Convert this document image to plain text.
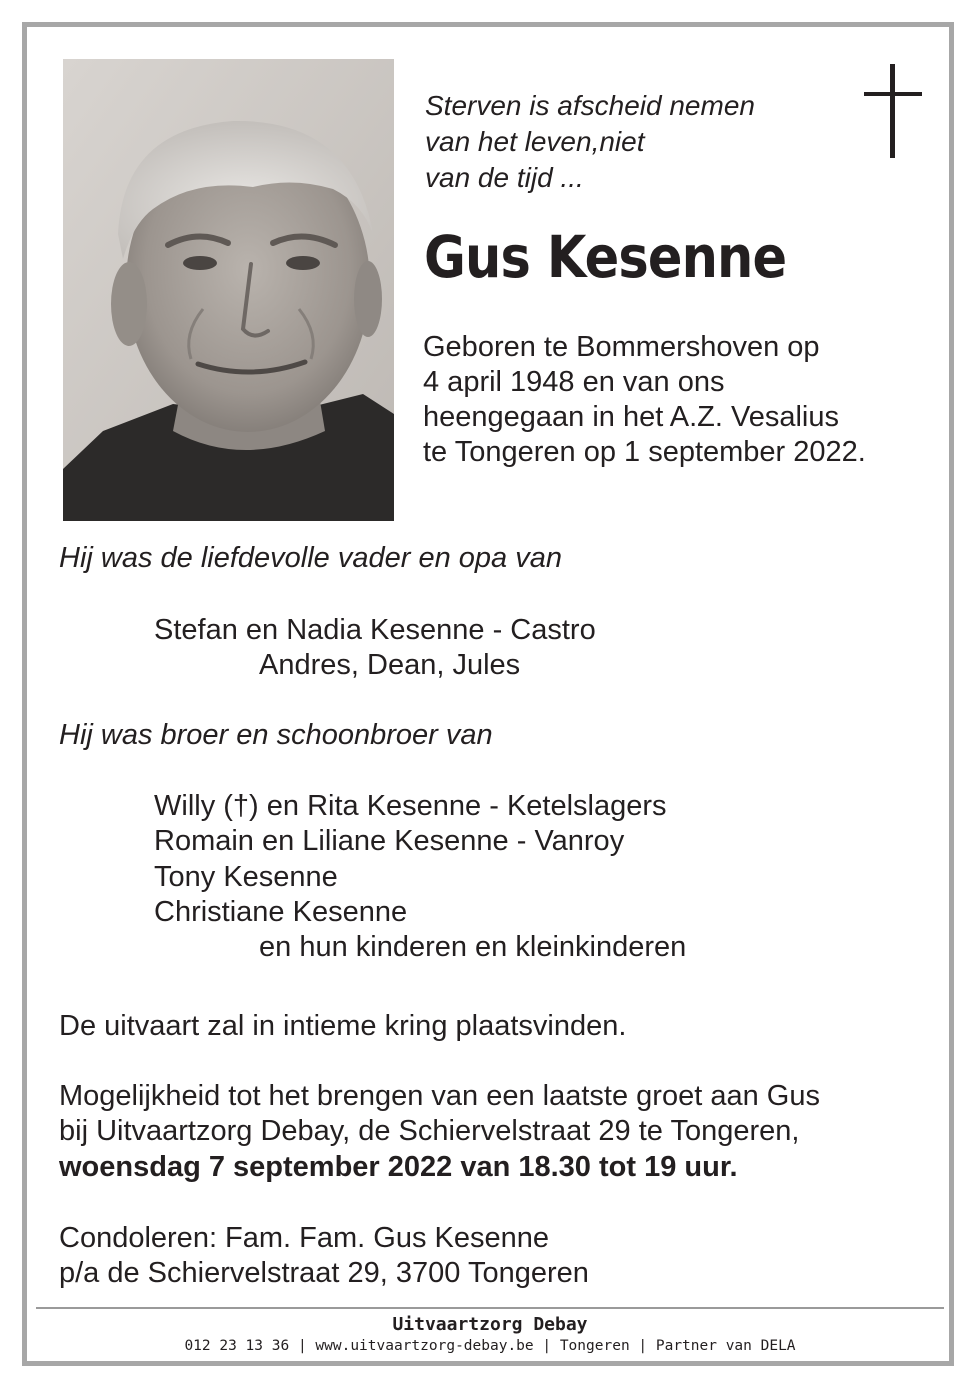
Sterven is afscheid nemen
van het leven,niet
van de tijd ...
Gus Kesenne
Geboren te Bommershoven op
4 april 1948 en van ons
heengegaan in het A.Z. Vesalius
te Tongeren op 1 september 2022.
Hij was de liefdevolle vader en opa van
Stefan en Nadia Kesenne - Castro
Andres, Dean, Jules
Hij was broer en schoonbroer van
Willy (†) en Rita Kesenne - Ketelslagers
Romain en Liliane Kesenne - Vanroy
Tony Kesenne
Christiane Kesenne
en hun kinderen en kleinkinderen
De uitvaart zal in intieme kring plaatsvinden.
Mogelijkheid tot het brengen van een laatste groet aan Gus
bij Uitvaartzorg Debay, de Schiervelstraat 29 te Tongeren,
woensdag 7 september 2022 van 18.30 tot 19 uur.
Condoleren: Fam. Fam. Gus Kesenne
p/a de Schiervelstraat 29, 3700 Tongeren
Uitvaartzorg Debay
012 23 13 36 | www.uitvaartzorg-debay.be | Tongeren | Partner van DELA
